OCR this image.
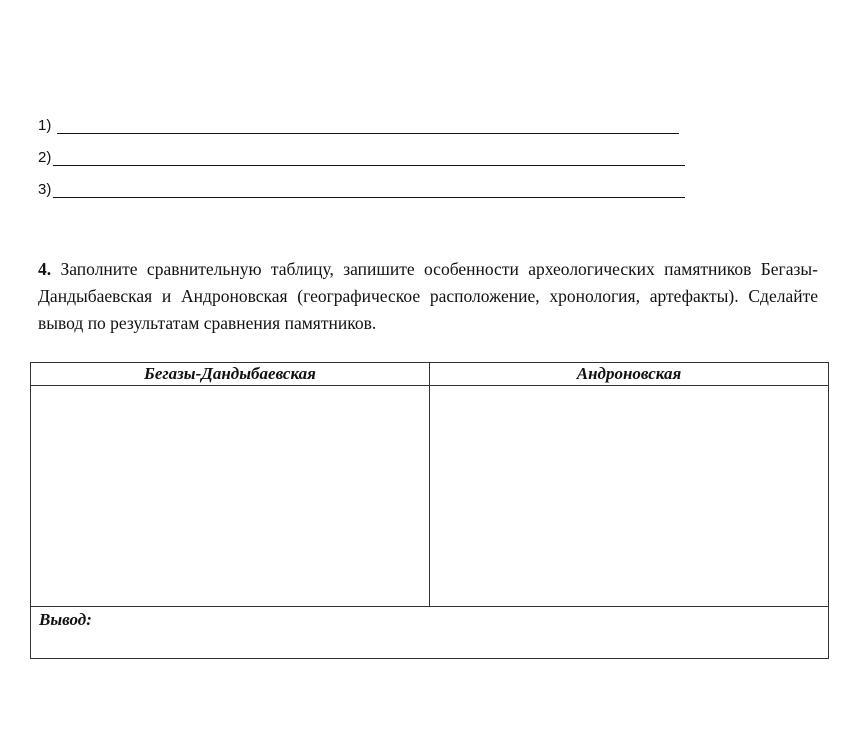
1)
2)
3)
4. Заполните сравнительную таблицу, запишите особенности археологических памятников Бегазы-Дандыбаевская и Андроновская (географическое расположение, хронология, артефакты). Сделайте вывод по результатам сравнения памятников.
Бегазы-Дандыбаевская	Андроновская

Вывод:	
